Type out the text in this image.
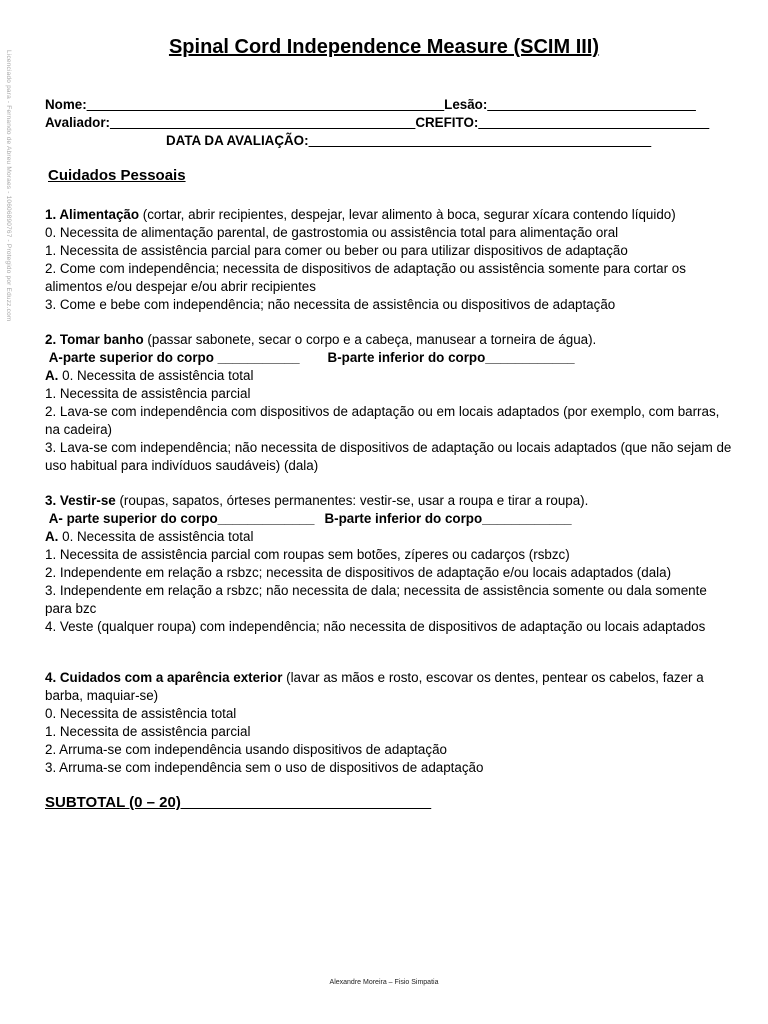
Licenciado para - Fernando de Abreu Moraes - 10606890767 - Protegido por Eduzz.com
Spinal Cord Independence Measure (SCIM III)
Nome:________________________________________________Lesão:____________________________
Avaliador:_________________________________________CREFITO:_______________________________
DATA DA AVALIAÇÃO:______________________________________________
Cuidados Pessoais

1. Alimentação (cortar, abrir recipientes, despejar, levar alimento à boca, segurar xícara contendo líquido)

0. Necessita de alimentação parental, de gastrostomia ou assistência total para alimentação oral

1. Necessita de assistência parcial para comer ou beber ou para utilizar dispositivos de adaptação

2. Come com independência; necessita de dispositivos de adaptação ou assistência somente para cortar os alimentos e/ou despejar e/ou abrir recipientes

3. Come e bebe com independência; não necessita de assistência ou dispositivos de adaptação

2. Tomar banho (passar sabonete, secar o corpo e a cabeça, manusear a torneira de água).

A-parte superior do corpo ___________ B-parte inferior do corpo____________

A. 0. Necessita de assistência total

1. Necessita de assistência parcial

2. Lava-se com independência com dispositivos de adaptação ou em locais adaptados (por exemplo, com barras, na cadeira)

3. Lava-se com independência; não necessita de dispositivos de adaptação ou locais adaptados (que não sejam de uso habitual para indivíduos saudáveis) (dala)

3. Vestir-se (roupas, sapatos, órteses permanentes: vestir-se, usar a roupa e tirar a roupa).

A- parte superior do corpo_____________ B-parte inferior do corpo____________

A. 0. Necessita de assistência total

1. Necessita de assistência parcial com roupas sem botões, zíperes ou cadarços (rsbzc)

2. Independente em relação a rsbzc; necessita de dispositivos de adaptação e/ou locais adaptados (dala)

3. Independente em relação a rsbzc; não necessita de dala; necessita de assistência somente ou dala somente para bzc

4. Veste (qualquer roupa) com independência; não necessita de dispositivos de adaptação ou locais adaptados

4. Cuidados com a aparência exterior (lavar as mãos e rosto, escovar os dentes, pentear os cabelos, fazer a barba, maquiar-se)

0. Necessita de assistência total

1. Necessita de assistência parcial

2. Arruma-se com independência usando dispositivos de adaptação

3. Arruma-se com independência sem o uso de dispositivos de adaptação

SUBTOTAL (0 – 20)______________________________
Alexandre Moreira – Fisio Simpatia
